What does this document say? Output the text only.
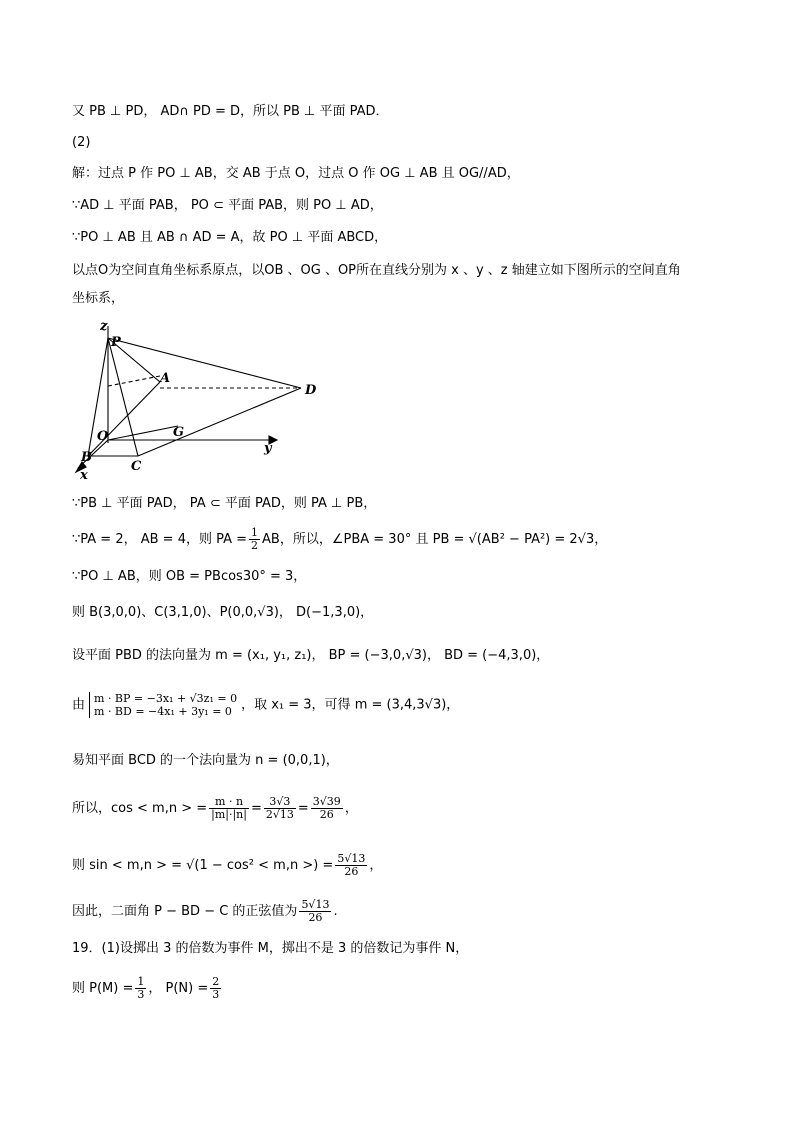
又 PB ⊥ PD， AD∩ PD = D，所以 PB ⊥ 平面 PAD．
(2)
解：过点 P 作 PO ⊥ AB，交 AB 于点 O，过点 O 作 OG ⊥ AB 且 OG//AD，
∵AD ⊥ 平面 PAB， PO ⊂ 平面 PAB，则 PO ⊥ AD，
∵PO ⊥ AB 且 AB ∩ AD = A，故 PO ⊥ 平面 ABCD，
以点O为空间直角坐标系原点，以OB 、OG 、OP所在直线分别为 x 、y 、z 轴建立如下图所示的空间直角
坐标系，
z
P
A
D
O	G
y
B
C
x
∵PB ⊥ 平面 PAD， PA ⊂ 平面 PAD，则 PA ⊥ PB，
∵PA = 2， AB = 4，则 PA = $\frac{1}{2}$ AB，所以，∠PBA = 30° 且 PB = √(AB² − PA²) = 2√3，
∵PO ⊥ AB，则 OB = PBcos30° = 3，
则 B(3,0,0)、C(3,1,0)、P(0,0,√3)， D(−1,3,0)，
设平面 PBD 的法向量为 m = (x₁, y₁, z₁)， BP = (−3,0,√3)， BD = (−4,3,0)，
由 m · BP = −3x₁ + √3z₁ = 0
m · BD = −4x₁ + 3y₁ = 0 ，取 x₁ = 3，可得 m = (3,4,3√3)，
易知平面 BCD 的一个法向量为 n = (0,0,1)，
所以，cos < m,n > = $\frac{m \cdot n}{|m|\cdot|n|} = \frac{3√3}{2√13} = \frac{3√39}{26}$ ，
则 sin < m,n > = √(1 − cos² < m,n >) = $\frac{5√13}{26}$ ，
因此，二面角 P − BD − C 的正弦值为 $\frac{5√13}{26}$ .
19．(1)设掷出 3 的倍数为事件 M，掷出不是 3 的倍数记为事件 N，
则 $P(M) = \frac{1}{3}$ ， $P(N) = \frac{2}{3}$
